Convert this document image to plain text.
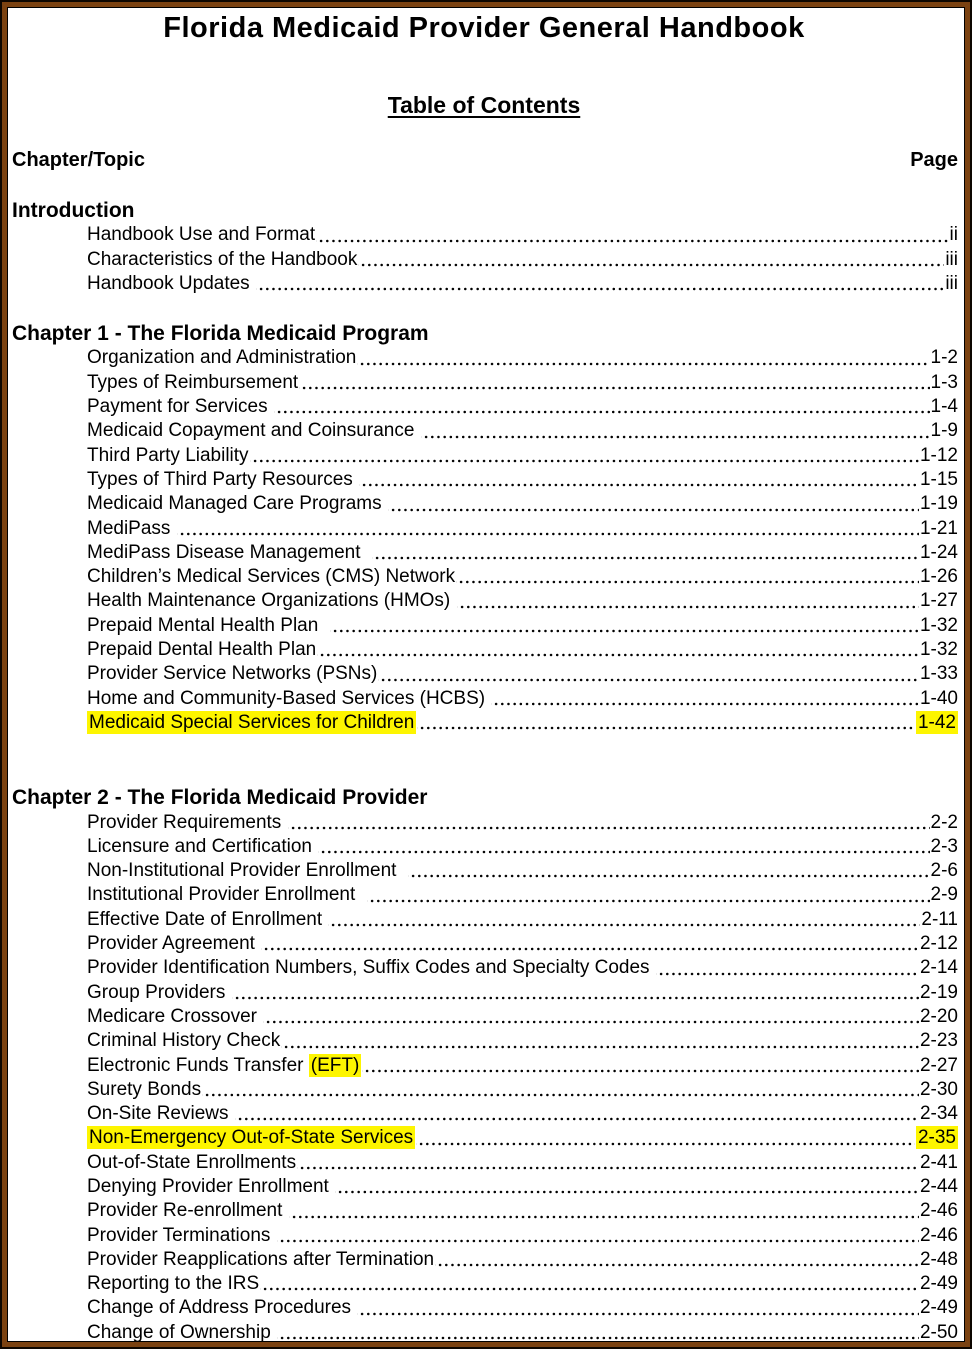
Florida Medicaid Provider General Handbook
Table of Contents
Chapter/Topic	Page
Introduction
Handbook Use and Format	ii
Characteristics of the Handbook	iii
Handbook Updates	iii
Chapter 1 - The Florida Medicaid Program
Organization and Administration	1-2
Types of Reimbursement	1-3
Payment for Services	1-4
Medicaid Copayment and Coinsurance	1-9
Third Party Liability	1-12
Types of Third Party Resources	1-15
Medicaid Managed Care Programs	1-19
MediPass	1-21
MediPass Disease Management	1-24
Children’s Medical Services (CMS) Network	1-26
Health Maintenance Organizations (HMOs)	1-27
Prepaid Mental Health Plan	1-32
Prepaid Dental Health Plan	1-32
Provider Service Networks (PSNs)	1-33
Home and Community-Based Services (HCBS)	1-40
Medicaid Special Services for Children	1-42
Chapter 2 - The Florida Medicaid Provider
Provider Requirements	2-2
Licensure and Certification	2-3
Non-Institutional Provider Enrollment	2-6
Institutional Provider Enrollment	2-9
Effective Date of Enrollment	2-11
Provider Agreement	2-12
Provider Identification Numbers, Suffix Codes and Specialty Codes	2-14
Group Providers	2-19
Medicare Crossover	2-20
Criminal History Check	2-23
Electronic Funds Transfer (EFT)	2-27
Surety Bonds	2-30
On-Site Reviews	2-34
Non-Emergency Out-of-State Services	2-35
Out-of-State Enrollments	2-41
Denying Provider Enrollment	2-44
Provider Re-enrollment	2-46
Provider Terminations	2-46
Provider Reapplications after Termination	2-48
Reporting to the IRS	2-49
Change of Address Procedures	2-49
Change of Ownership	2-50
